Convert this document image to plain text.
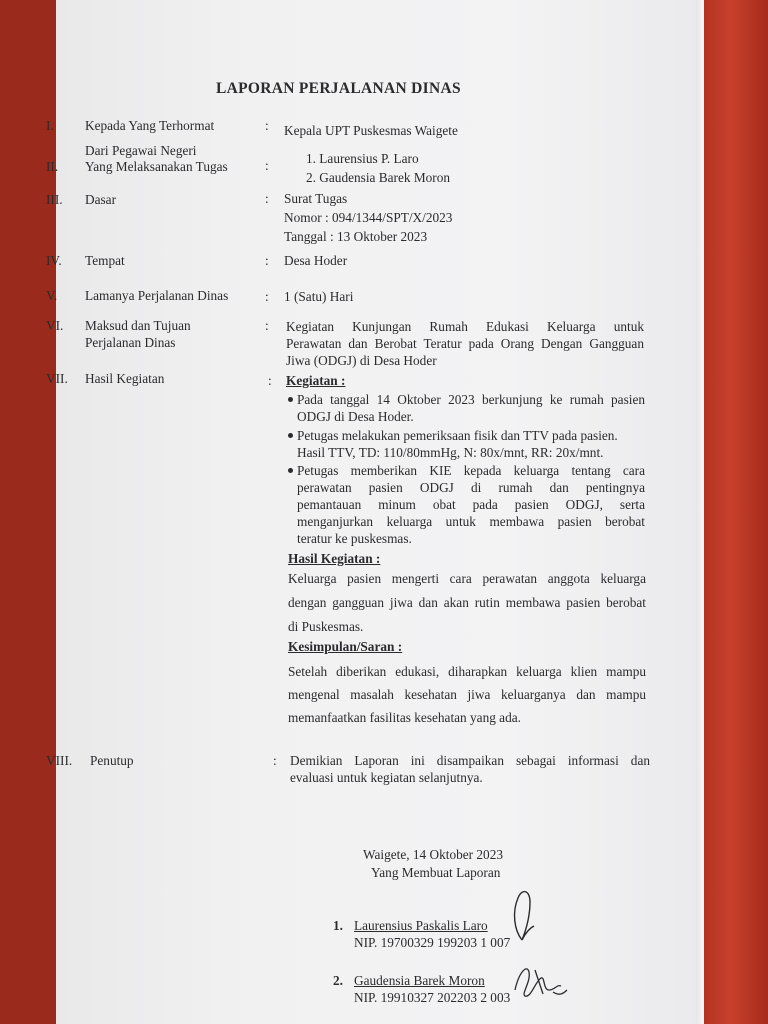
LAPORAN PERJALANAN DINAS
I. Kepada Yang Terhormat	: Kepala UPT Puskesmas Waigete
Dari Pegawai Negeri
II. Yang Melaksanakan Tugas	:	1. Laurensius P. Laro
2. Gaudensia Barek Moron
III. Dasar	: Surat Tugas
Nomor : 094/1344/SPT/X/2023
Tanggal : 13 Oktober 2023
IV. Tempat	: Desa Hoder
V. Lamanya Perjalanan Dinas	: 1 (Satu) Hari
VI. Maksud dan Tujuan
Perjalanan Dinas
: Kegiatan Kunjungan Rumah Edukasi Keluarga untuk
Perawatan dan Berobat Teratur pada Orang Dengan Gangguan
Jiwa (ODGJ) di Desa Hoder
VII. Hasil Kegiatan	: Kegiatan :
Pada tanggal 14 Oktober 2023 berkunjung ke rumah pasien
ODGJ di Desa Hoder.
Petugas melakukan pemeriksaan fisik dan TTV pada pasien.
Hasil TTV, TD: 110/80mmHg, N: 80x/mnt, RR: 20x/mnt.
Petugas memberikan KIE kepada keluarga tentang cara
perawatan pasien ODGJ di rumah dan pentingnya
pemantauan minum obat pada pasien ODGJ, serta
menganjurkan keluarga untuk membawa pasien berobat
teratur ke puskesmas.
Hasil Kegiatan :
Keluarga pasien mengerti cara perawatan anggota keluarga
dengan gangguan jiwa dan akan rutin membawa pasien berobat
di Puskesmas.
Kesimpulan/Saran :
Setelah diberikan edukasi, diharapkan keluarga klien mampu
mengenal masalah kesehatan jiwa keluarganya dan mampu
memanfaatkan fasilitas kesehatan yang ada.
VIII. Penutup	: Demikian Laporan ini disampaikan sebagai informasi dan
evaluasi untuk kegiatan selanjutnya.
Waigete, 14 Oktober 2023
Yang Membuat Laporan
1. Laurensius Paskalis Laro
NIP. 19700329 199203 1 007
2. Gaudensia Barek Moron
NIP. 19910327 202203 2 003
